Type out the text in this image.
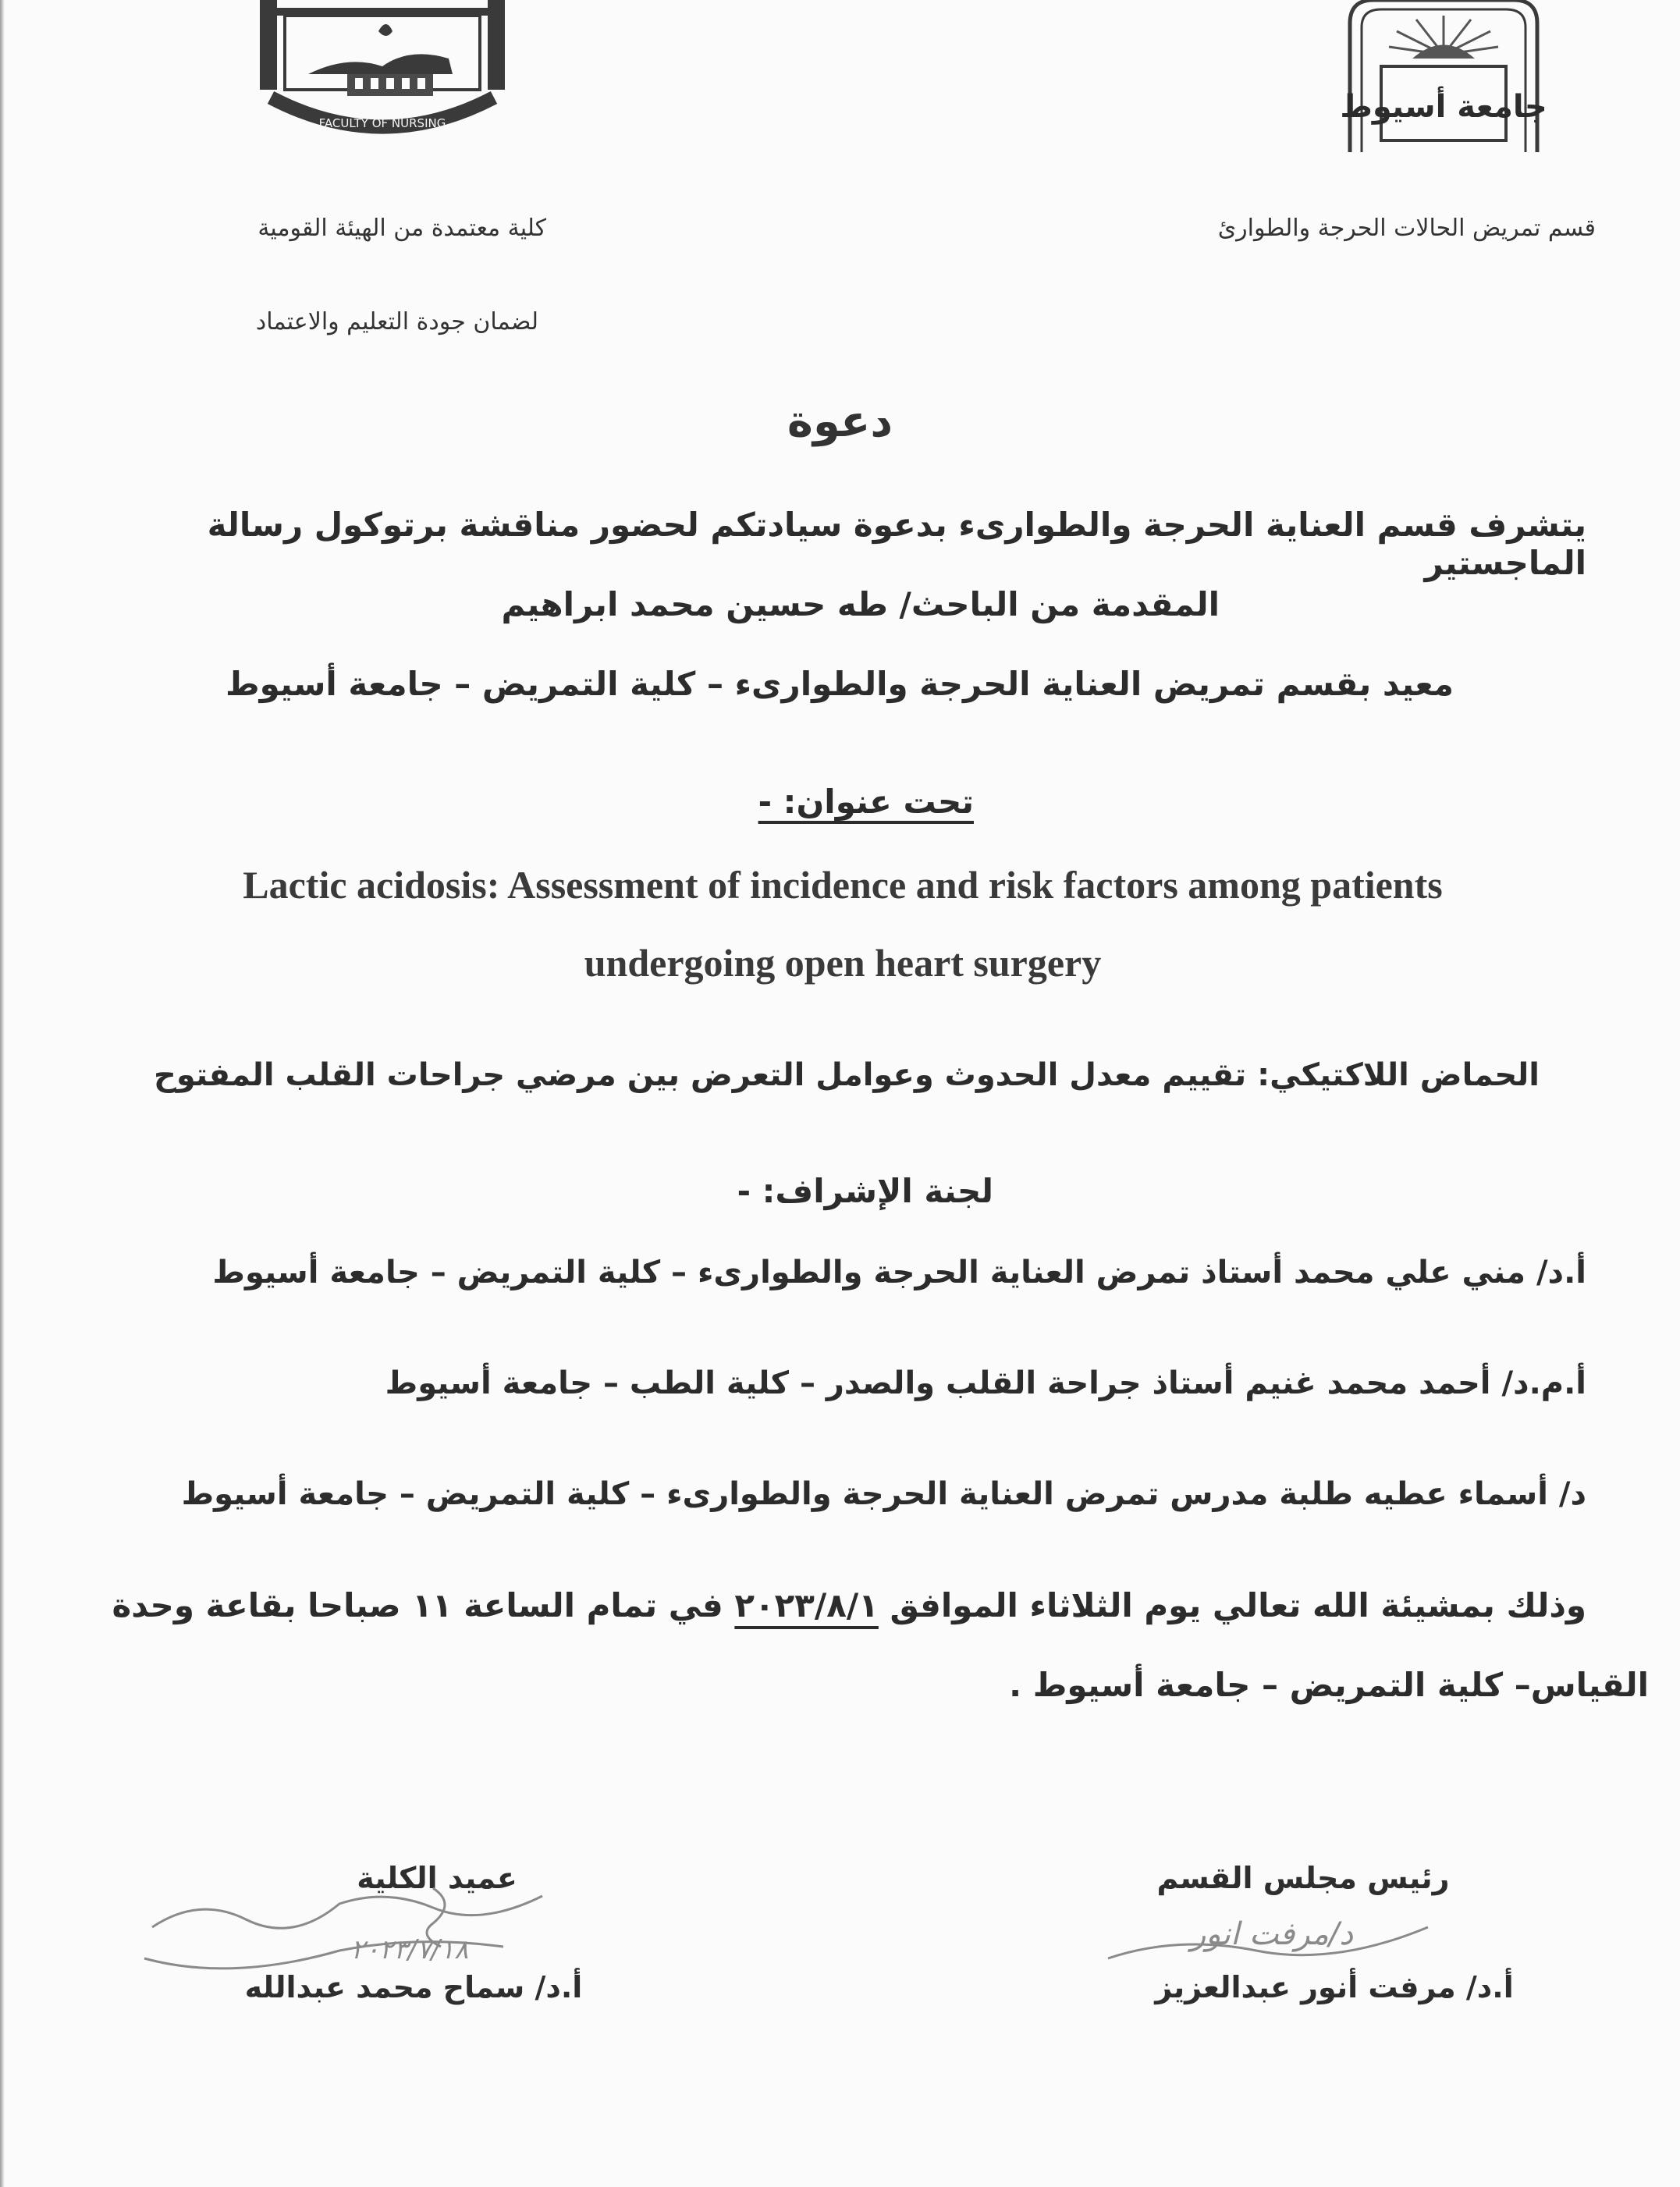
FACULTY OF NURSING	جامعة أسيوط
قسم تمريض الحالات الحرجة والطوارئ
كلية معتمدة من الهيئة القومية
لضمان جودة التعليم والاعتماد
دعوة
يتشرف قسم العناية الحرجة والطوارىء بدعوة سيادتكم لحضور مناقشة برتوكول رسالة الماجستير
المقدمة من الباحث/ طه حسين محمد ابراهيم
معيد بقسم تمريض العناية الحرجة والطوارىء – كلية التمريض – جامعة أسيوط
تحت عنوان: -
Lactic acidosis: Assessment of incidence and risk factors among patients
undergoing open heart surgery
الحماض اللاكتيكي: تقييم معدل الحدوث وعوامل التعرض بين مرضي جراحات القلب المفتوح
لجنة الإشراف: -
أ.د/ مني علي محمد أستاذ تمرض العناية الحرجة والطوارىء – كلية التمريض – جامعة أسيوط
أ.م.د/ أحمد محمد غنيم أستاذ جراحة القلب والصدر – كلية الطب – جامعة أسيوط
د/ أسماء عطيه طلبة مدرس تمرض العناية الحرجة والطوارىء – كلية التمريض – جامعة أسيوط
وذلك بمشيئة الله تعالي يوم الثلاثاء الموافق ٢٠٢٣/٨/١ في تمام الساعة ١١ صباحا بقاعة وحدة
القياس– كلية التمريض – جامعة أسيوط .
عميد الكلية
٢٠٢٣/٧/١٨
أ.د/ سماح محمد عبدالله
رئيس مجلس القسم
د/مرفت انور
أ.د/ مرفت أنور عبدالعزيز
